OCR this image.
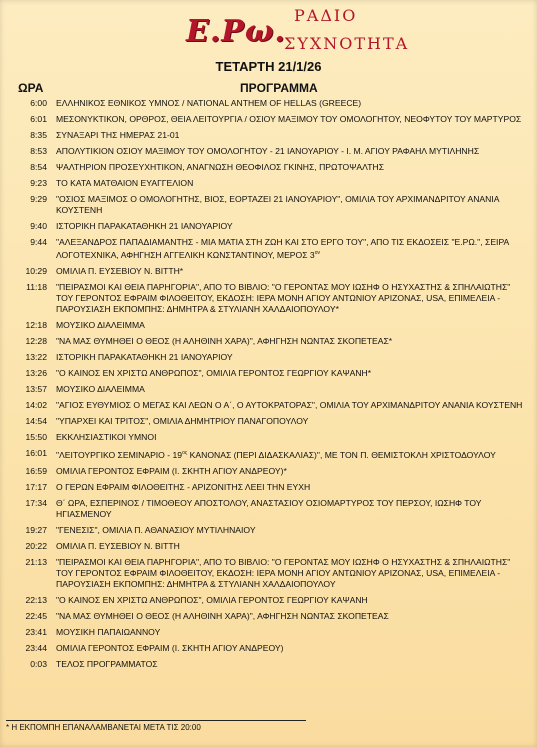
Ε.Ρω. ΡΑΔΙΟ
ΣΥΧΝΟΤΗΤΑ
ΤΕΤΑΡΤΗ 21/1/26
ΩΡΑ	ΠΡΟΓΡΑΜΜΑ
6:00 ΕΛΛΗΝΙΚΟΣ ΕΘΝΙΚΟΣ ΥΜΝΟΣ / NATIONAL ANTHEM OF HELLAS (GREECE)
6:01 ΜΕΣΟΝΥΚΤΙΚΟΝ, ΟΡΘΡΟΣ, ΘΕΙΑ ΛΕΙΤΟΥΡΓΙΑ / ΟΣΙΟΥ ΜΑΞΙΜΟΥ ΤΟΥ ΟΜΟΛΟΓΗΤΟΥ, ΝΕΟΦΥΤΟΥ ΤΟΥ ΜΑΡΤΥΡΟΣ
8:35 ΣΥΝΑΞΑΡΙ ΤΗΣ ΗΜΕΡΑΣ 21-01
8:53 ΑΠΟΛΥΤΙΚΙΟΝ ΟΣΙΟΥ ΜΑΞΙΜΟΥ ΤΟΥ ΟΜΟΛΟΓΗΤΟΥ - 21 ΙΑΝΟΥΑΡΙΟΥ - Ι. Μ. ΑΓΙΟΥ ΡΑΦΑΗΛ ΜΥΤΙΛΗΝΗΣ
8:54 ΨΑΛΤΗΡΙΟΝ ΠΡΟΣΕΥΧΗΤΙΚΟΝ, ΑΝΑΓΝΩΣΗ ΘΕΟΦΙΛΟΣ ΓΚΙΝΗΣ, ΠΡΩΤΟΨΑΛΤΗΣ
9:23 ΤΟ ΚΑΤΑ ΜΑΤΘΑΙΟΝ ΕΥΑΓΓΕΛΙΟΝ
9:29 "ΟΣΙΟΣ ΜΑΞΙΜΟΣ Ο ΟΜΟΛΟΓΗΤΗΣ, ΒΙΟΣ, ΕΟΡΤΑΖΕΙ 21 ΙΑΝΟΥΑΡΙΟΥ", ΟΜΙΛΙΑ ΤΟΥ ΑΡΧΙΜΑΝΔΡΙΤΟΥ ΑΝΑΝΙΑ ΚΟΥΣΤΕΝΗ
9:40 ΙΣΤΟΡΙΚΗ ΠΑΡΑΚΑΤΑΘΗΚΗ 21 ΙΑΝΟΥΑΡΙΟΥ
9:44 "ΑΛΕΞΑΝΔΡΟΣ ΠΑΠΑΔΙΑΜΑΝΤΗΣ - ΜΙΑ ΜΑΤΙΑ ΣΤΗ ΖΩΗ ΚΑΙ ΣΤΟ ΕΡΓΟ ΤΟΥ", ΑΠΟ ΤΙΣ ΕΚΔΟΣΕΙΣ "Ε.ΡΩ.", ΣΕΙΡΑ ΛΟΓΟΤΕΧΝΙΚΑ, ΑΦΗΓΗΣΗ ΑΓΓΕΛΙΚΗ ΚΩΝΣΤΑΝΤΙΝΟΥ, ΜΕΡΟΣ $3^{o\nu}$
10:29 ΟΜΙΛΙΑ Π. ΕΥΣΕΒΙΟΥ Ν. ΒΙΤΤΗ*
11:18 "ΠΕΙΡΑΣΜΟΙ ΚΑΙ ΘΕΙΑ ΠΑΡΗΓΟΡΙΑ", ΑΠΟ ΤΟ ΒΙΒΛΙΟ: "Ο ΓΕΡΟΝΤΑΣ ΜΟΥ ΙΩΣΗΦ Ο ΗΣΥΧΑΣΤΗΣ & ΣΠΗΛΑΙΩΤΗΣ" ΤΟΥ ΓΕΡΟΝΤΟΣ ΕΦΡΑΙΜ ΦΙΛΟΘΕΙΤΟΥ, ΕΚΔΟΣΗ: ΙΕΡΑ ΜΟΝΗ ΑΓΙΟΥ ΑΝΤΩΝΙΟΥ ΑΡΙΖΟΝΑΣ, USA, ΕΠΙΜΕΛΕΙΑ - ΠΑΡΟΥΣΙΑΣΗ ΕΚΠΟΜΠΗΣ: ΔΗΜΗΤΡΑ & ΣΤΥΛΙΑΝΗ ΧΑΛΔΑΙΟΠΟΥΛΟΥ*
12:18 ΜΟΥΣΙΚΟ ΔΙΑΛΕΙΜΜΑ
12:28 "ΝΑ ΜΑΣ ΘΥΜΗΘΕΙ Ο ΘΕΟΣ (Η ΑΛΗΘΙΝΗ ΧΑΡΑ)", ΑΦΗΓΗΣΗ ΝΩΝΤΑΣ ΣΚΟΠΕΤΕΑΣ*
13:22 ΙΣΤΟΡΙΚΗ ΠΑΡΑΚΑΤΑΘΗΚΗ 21 ΙΑΝΟΥΑΡΙΟΥ
13:26 "Ο ΚΑΙΝΟΣ ΕΝ ΧΡΙΣΤΩ ΑΝΘΡΩΠΟΣ", ΟΜΙΛΙΑ ΓΕΡΟΝΤΟΣ ΓΕΩΡΓΙΟΥ ΚΑΨΑΝΗ*
13:57 ΜΟΥΣΙΚΟ ΔΙΑΛΕΙΜΜΑ
14:02 "ΑΓΙΟΣ ΕΥΘΥΜΙΟΣ Ο ΜΕΓΑΣ ΚΑΙ ΛΕΩΝ Ο Α΄, Ο ΑΥΤΟΚΡΑΤΟΡΑΣ", ΟΜΙΛΙΑ ΤΟΥ ΑΡΧΙΜΑΝΔΡΙΤΟΥ ΑΝΑΝΙΑ ΚΟΥΣΤΕΝΗ
14:54 "ΥΠΑΡΧΕΙ ΚΑΙ ΤΡΙΤΟΣ", ΟΜΙΛΙΑ ΔΗΜΗΤΡΙΟΥ ΠΑΝΑΓΟΠΟΥΛΟΥ
15:50 ΕΚΚΛΗΣΙΑΣΤΙΚΟΙ ΥΜΝΟΙ
16:01 "ΛΕΙΤΟΥΡΓΙΚΟ ΣΕΜΙΝΑΡΙΟ - $19^{o\varsigma}$ ΚΑΝΟΝΑΣ (ΠΕΡΙ ΔΙΔΑΣΚΑΛΙΑΣ)", ΜΕ ΤΟΝ Π. ΘΕΜΙΣΤΟΚΛΗ ΧΡΙΣΤΟΔΟΥΛΟΥ
16:59 ΟΜΙΛΙΑ ΓΕΡΟΝΤΟΣ ΕΦΡΑΙΜ (Ι. ΣΚΗΤΗ ΑΓΙΟΥ ΑΝΔΡΕΟΥ)*
17:17 Ο ΓΕΡΩΝ ΕΦΡΑΙΜ ΦΙΛΟΘΕΙΤΗΣ - ΑΡΙΖΟΝΙΤΗΣ ΛΕΕΙ ΤΗΝ ΕΥΧΗ
17:34 Θ΄ ΩΡΑ, ΕΣΠΕΡΙΝΟΣ / ΤΙΜΟΘΕΟΥ ΑΠΟΣΤΟΛΟΥ, ΑΝΑΣΤΑΣΙΟΥ ΟΣΙΟΜΑΡΤΥΡΟΣ ΤΟΥ ΠΕΡΣΟΥ, ΙΩΣΗΦ ΤΟΥ ΗΓΙΑΣΜΕΝΟΥ
19:27 "ΓΕΝΕΣΙΣ", ΟΜΙΛΙΑ Π. ΑΘΑΝΑΣΙΟΥ ΜΥΤΙΛΗΝΑΙΟΥ
20:22 ΟΜΙΛΙΑ Π. ΕΥΣΕΒΙΟΥ Ν. ΒΙΤΤΗ
21:13 "ΠΕΙΡΑΣΜΟΙ ΚΑΙ ΘΕΙΑ ΠΑΡΗΓΟΡΙΑ", ΑΠΟ ΤΟ ΒΙΒΛΙΟ: "Ο ΓΕΡΟΝΤΑΣ ΜΟΥ ΙΩΣΗΦ Ο ΗΣΥΧΑΣΤΗΣ & ΣΠΗΛΑΙΩΤΗΣ" ΤΟΥ ΓΕΡΟΝΤΟΣ ΕΦΡΑΙΜ ΦΙΛΟΘΕΙΤΟΥ, ΕΚΔΟΣΗ: ΙΕΡΑ ΜΟΝΗ ΑΓΙΟΥ ΑΝΤΩΝΙΟΥ ΑΡΙΖΟΝΑΣ, USA, ΕΠΙΜΕΛΕΙΑ - ΠΑΡΟΥΣΙΑΣΗ ΕΚΠΟΜΠΗΣ: ΔΗΜΗΤΡΑ & ΣΤΥΛΙΑΝΗ ΧΑΛΔΑΙΟΠΟΥΛΟΥ
22:13 "Ο ΚΑΙΝΟΣ ΕΝ ΧΡΙΣΤΩ ΑΝΘΡΩΠΟΣ", ΟΜΙΛΙΑ ΓΕΡΟΝΤΟΣ ΓΕΩΡΓΙΟΥ ΚΑΨΑΝΗ
22:45 "ΝΑ ΜΑΣ ΘΥΜΗΘΕΙ Ο ΘΕΟΣ (Η ΑΛΗΘΙΝΗ ΧΑΡΑ)", ΑΦΗΓΗΣΗ ΝΩΝΤΑΣ ΣΚΟΠΕΤΕΑΣ
23:41 ΜΟΥΣΙΚΗ ΠΑΠΑΙΩΑΝΝΟΥ
23:44 ΟΜΙΛΙΑ ΓΕΡΟΝΤΟΣ ΕΦΡΑΙΜ (Ι. ΣΚΗΤΗ ΑΓΙΟΥ ΑΝΔΡΕΟΥ)
0:03 ΤΕΛΟΣ ΠΡΟΓΡΑΜΜΑΤΟΣ
* Η ΕΚΠΟΜΠΗ ΕΠΑΝΑΛΑΜΒΑΝΕΤΑΙ ΜΕΤΑ ΤΙΣ 20:00
